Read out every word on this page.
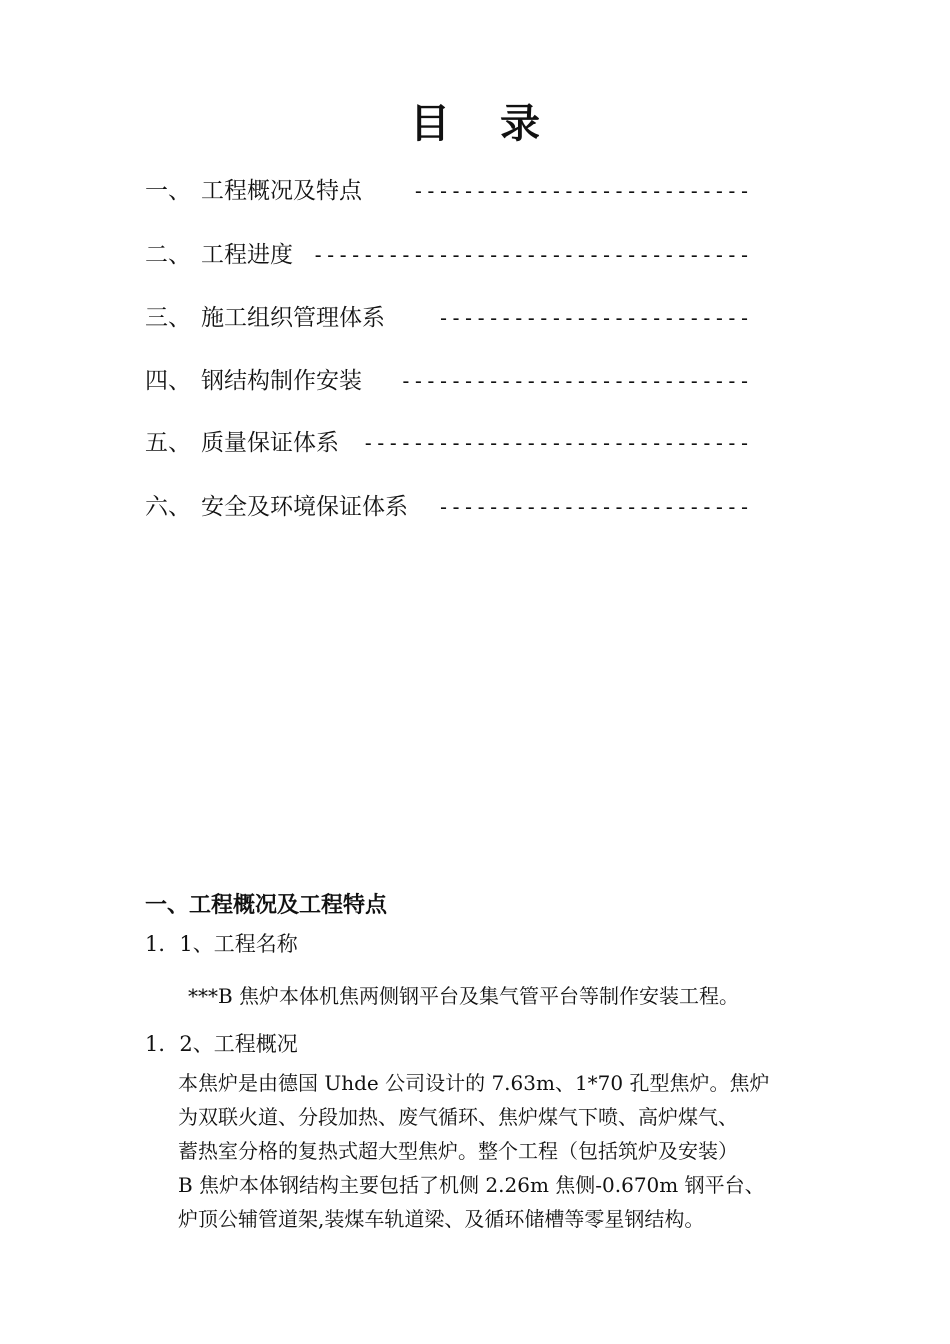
目 录
一、 工程概况及特点	---------------------------
二、 工程进度 -----------------------------------
三、 施工组织管理体系	-------------------------
四、 钢结构制作安装	----------------------------
五、 质量保证体系	-------------------------------
六、 安全及环境保证体系	-------------------------
一、工程概况及工程特点
1．1、工程名称
***B 焦炉本体机焦两侧钢平台及集气管平台等制作安装工程。
1．2、工程概况
本焦炉是由德国 Uhde 公司设计的 7.63m、1*70 孔型焦炉。焦炉
为双联火道、分段加热、废气循环、焦炉煤气下喷、高炉煤气、
蓄热室分格的复热式超大型焦炉。整个工程（包括筑炉及安装）
B 焦炉本体钢结构主要包括了机侧 2.26m 焦侧-0.670m 钢平台、
炉顶公辅管道架,装煤车轨道梁、及循环储槽等零星钢结构。
